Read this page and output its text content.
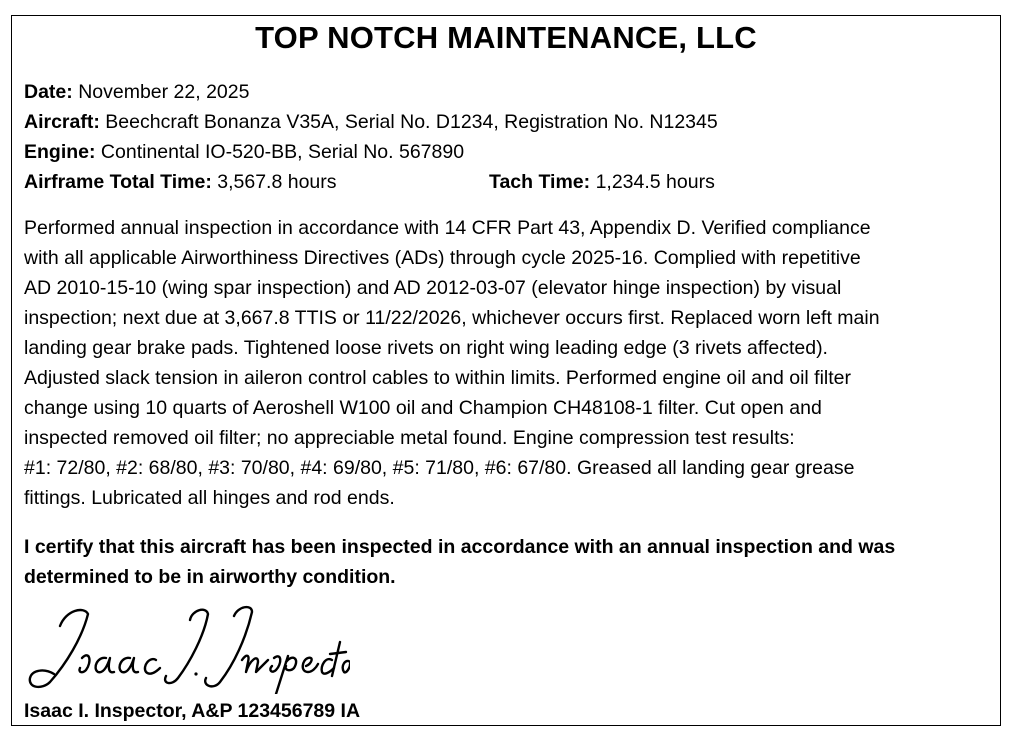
TOP NOTCH MAINTENANCE, LLC
Date: November 22, 2025
Aircraft: Beechcraft Bonanza V35A, Serial No. D1234, Registration No. N12345
Engine: Continental IO-520-BB, Serial No. 567890
Airframe Total Time: 3,567.8 hours	Tach Time: 1,234.5 hours
Performed annual inspection in accordance with 14 CFR Part 43, Appendix D. Verified compliance
with all applicable Airworthiness Directives (ADs) through cycle 2025-16. Complied with repetitive
AD 2010-15-10 (wing spar inspection) and AD 2012-03-07 (elevator hinge inspection) by visual
inspection; next due at 3,667.8 TTIS or 11/22/2026, whichever occurs first. Replaced worn left main
landing gear brake pads. Tightened loose rivets on right wing leading edge (3 rivets affected).
Adjusted slack tension in aileron control cables to within limits. Performed engine oil and oil filter
change using 10 quarts of Aeroshell W100 oil and Champion CH48108-1 filter. Cut open and
inspected removed oil filter; no appreciable metal found. Engine compression test results:
#1: 72/80, #2: 68/80, #3: 70/80, #4: 69/80, #5: 71/80, #6: 67/80. Greased all landing gear grease
fittings. Lubricated all hinges and rod ends.
I certify that this aircraft has been inspected in accordance with an annual inspection and was
determined to be in airworthy condition.
Isaac I. Inspector, A&P 123456789 IA
